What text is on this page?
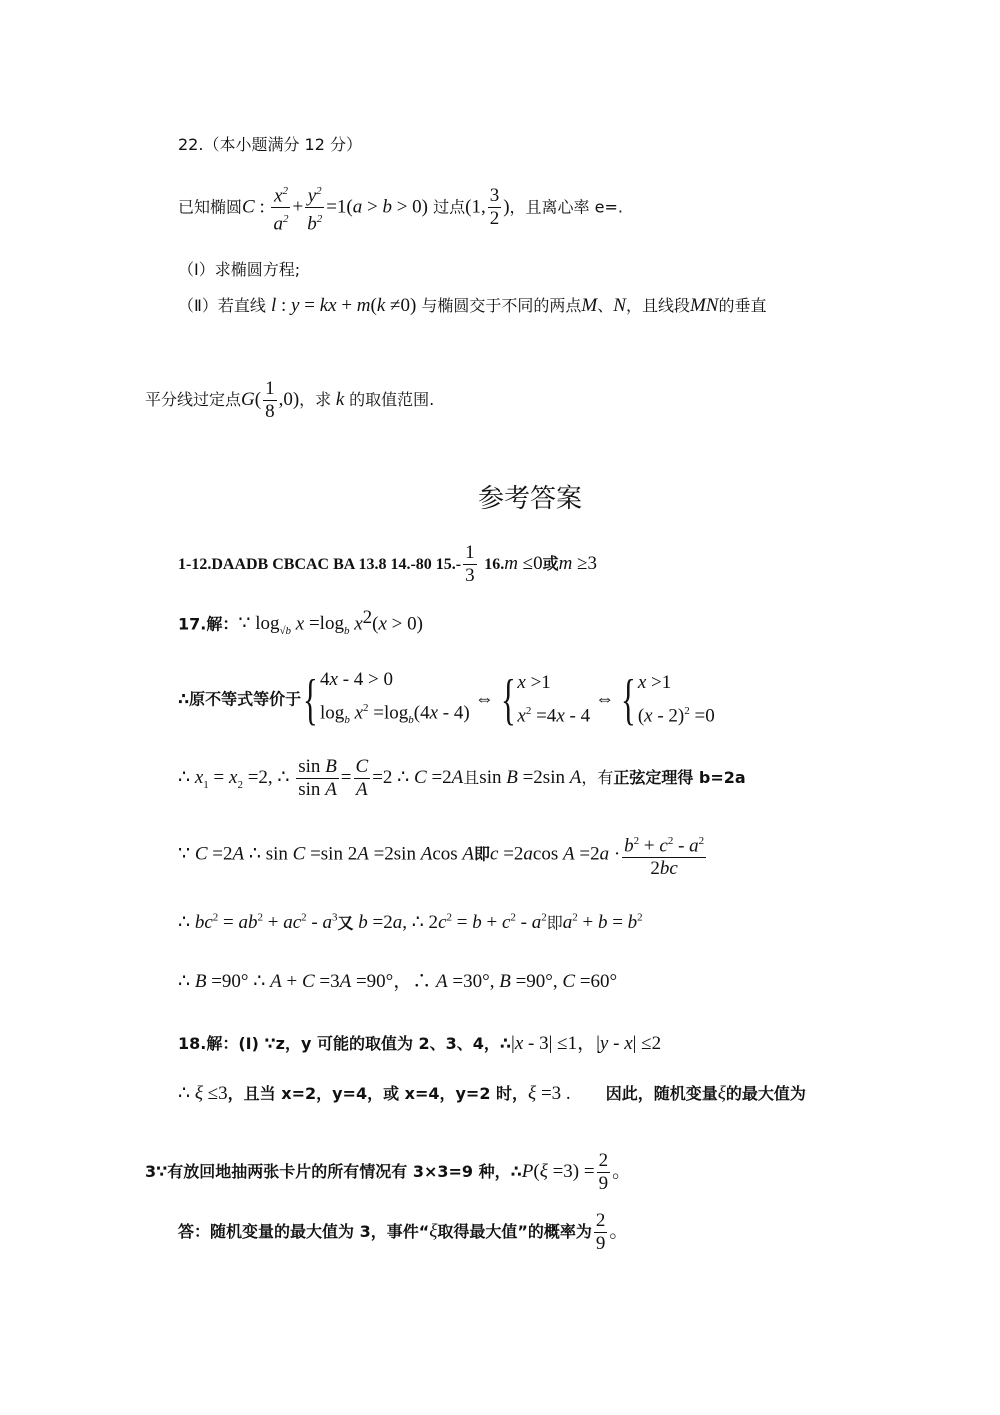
22.（本小题满分 12 分）
已知椭圆C : $\frac{x^2}{a^2} + \frac{y^2}{b^2} =1(a > b > 0)$ 过点(1, $\frac{3}{2}$ )，且离心率 e=.
（Ⅰ）求椭圆方程;
（Ⅱ）若直线 l : y = kx + m(k ≠0) 与椭圆交于不同的两点M、N，且线段MN的垂直
平分线过定点$G( \frac{1}{8} ,0)$，求 k 的取值范围.
参考答案
1-12.DAADB CBCAC BA 13.8 14.-80 $15.- \frac{1}{3} 16.m \le 0$或m ≥3
17.解：∵ $\log_{√b} x =\log_b$ $x^2(x > 0)$
∴原不等式等价于{ 4x - 4 > 0
$\log_b x^2 =\log_b(4x - 4)$
⇔ { x >1
$x^2 =4x - 4$
⇔ { x >1
(x - 2)$^2$ =0
∴ $x_1 = x_2 =2$, ∴ $\frac{\text{sin B}}{\text{sin A}} = \frac{C}{A} =2$ ∴ C =2A且sin B =2sin A，有正弦定理得 b=2a
∵ C =2A ∴ sin C =sin 2A =2sin Acos A即c =2acos $A =2a \cdot \frac{b^2 + c^2 - a^2}{2bc}$
∴ $bc^2 = ab^2 + ac^2 - a^3$又 b =2a, ∴ $2c^2 = b + c^2 - a^2$即$a^2 + b = b^2$
∴ B =90° ∴ A + C =3A =90°，∴ A =30°, B =90°, C =60°
18.解：(I) ∵z，y 可能的取值为 2、3、4，∴|x - 3| ≤1，|y - x| ≤2
∴ ξ ≤3，且当 x=2，y=4，或 x=4，y=2 时，ξ =3 . 因此，随机变量ξ的最大值为
3∵有放回地抽两张卡片的所有情况有 3×3=9 种，∴P(ξ $=3) = \frac{2}{9}$ 。
答：随机变量的最大值为 3，事件“ξ取得最大值”的概率为 $\frac{2}{9}$ 。
